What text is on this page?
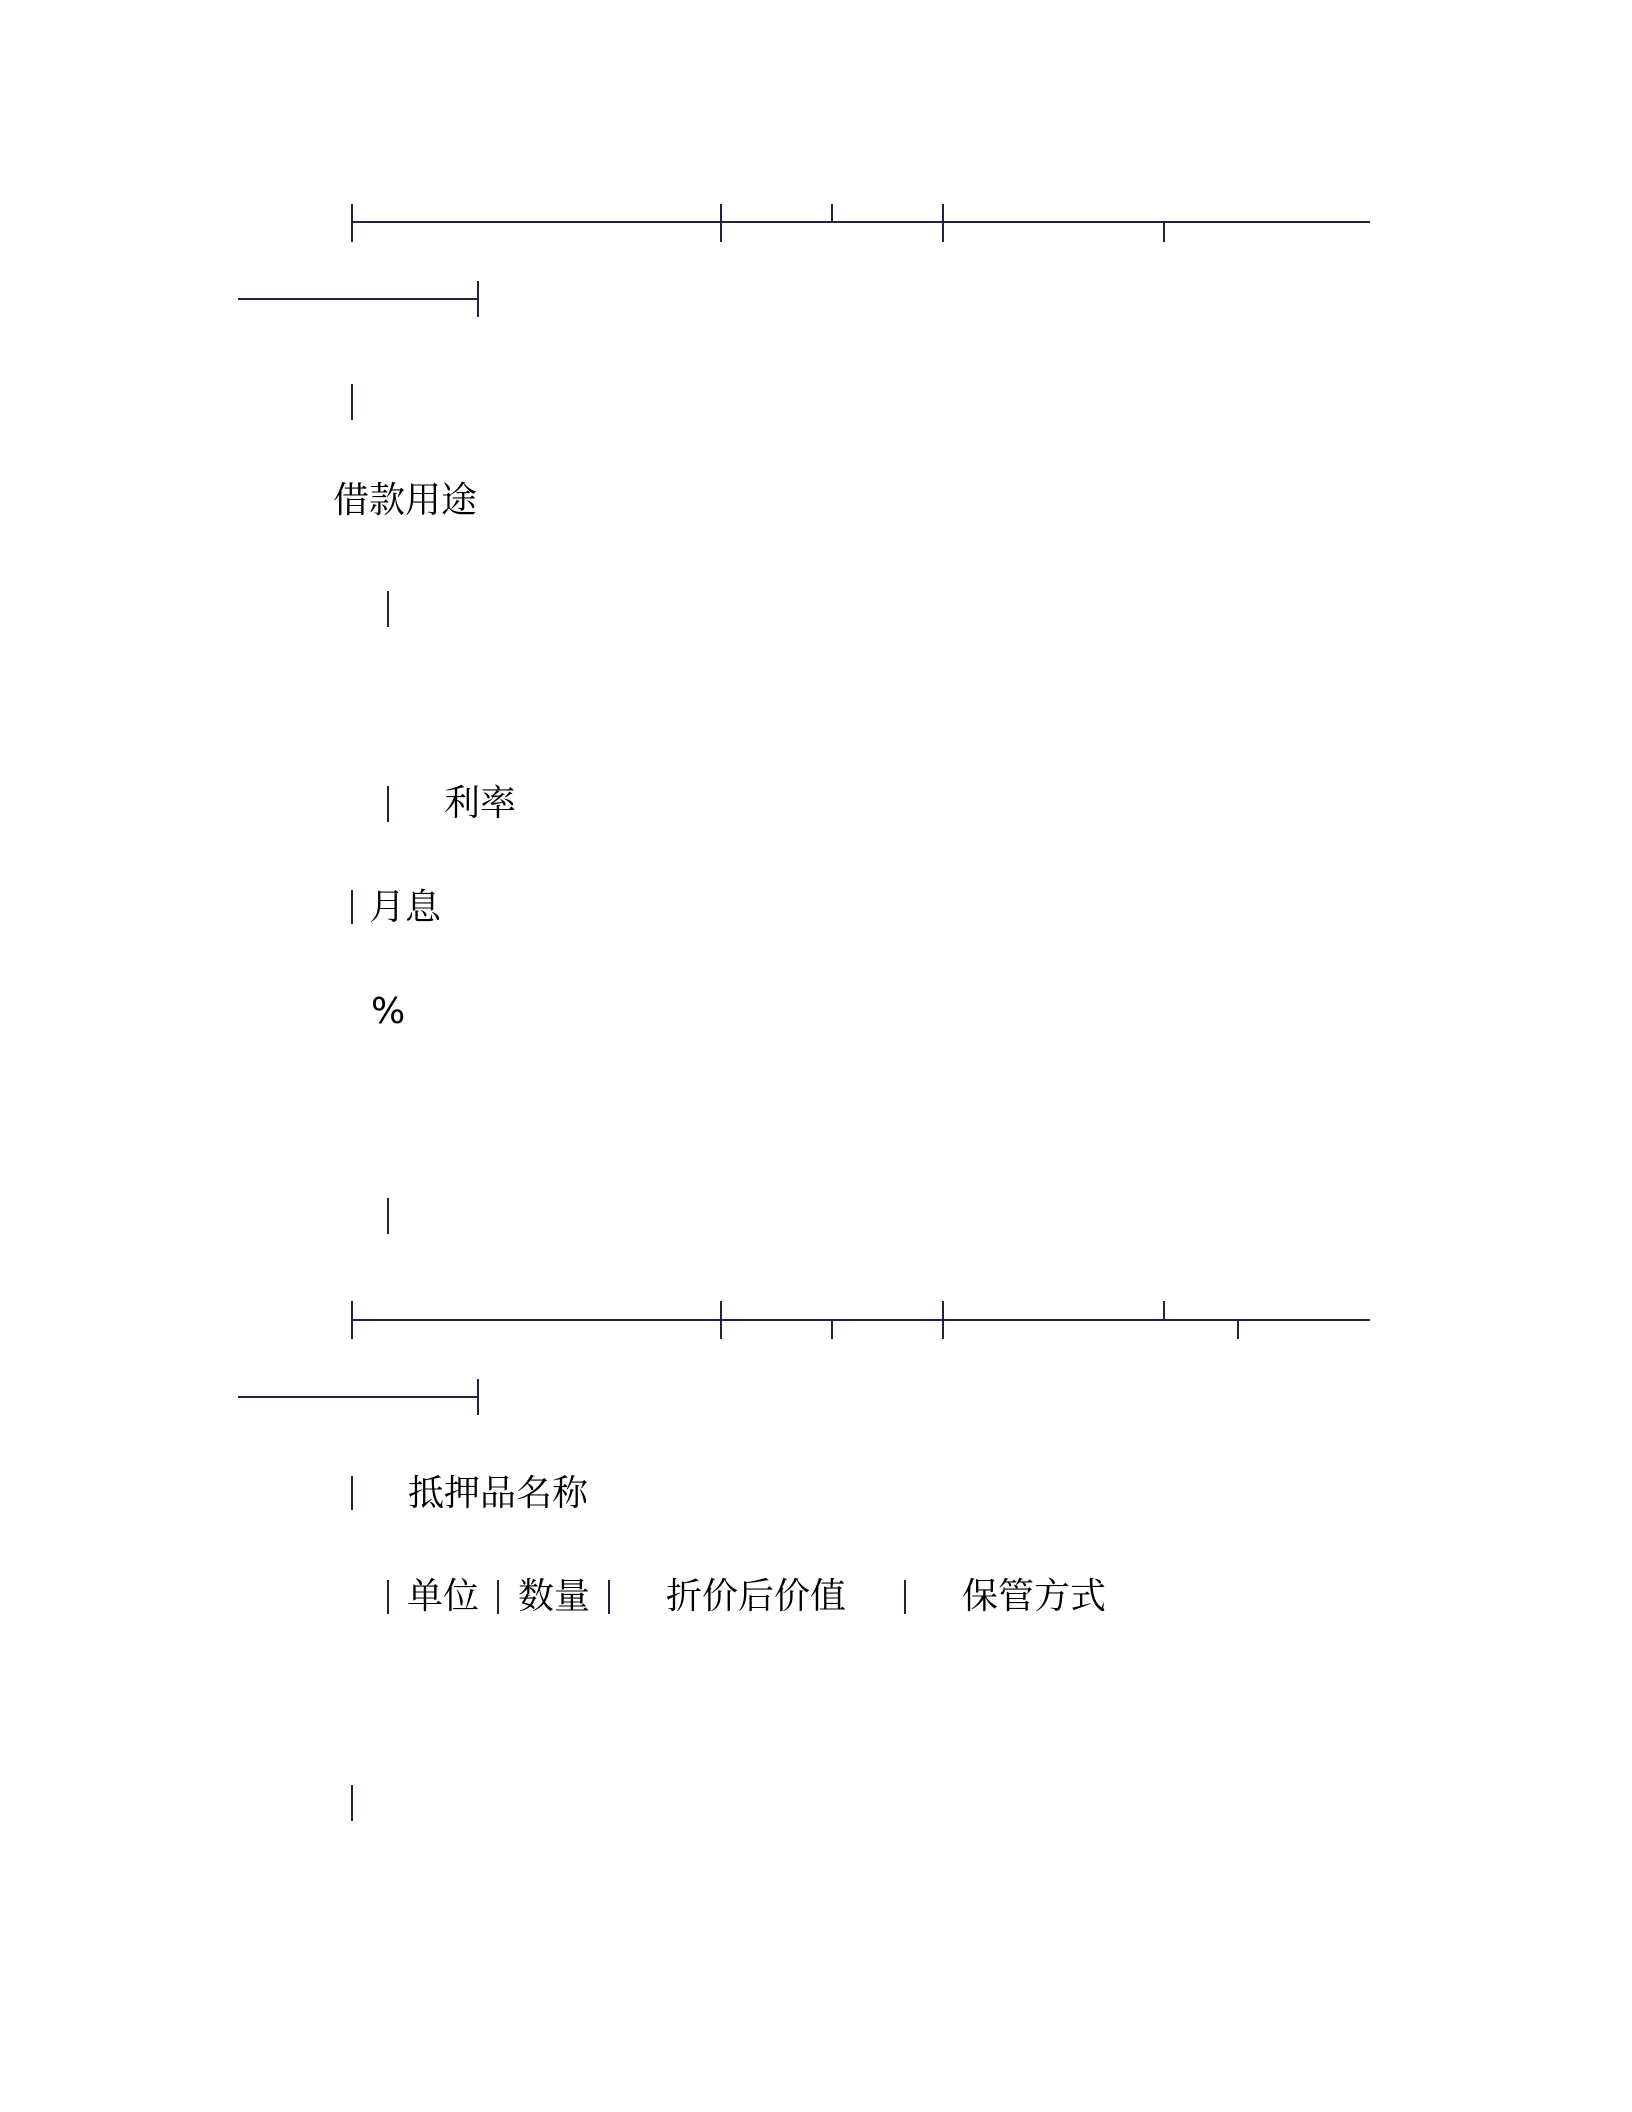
借款用途
利率
月息
%
抵押品名称
单位 数量 折价后价值	保管方式
